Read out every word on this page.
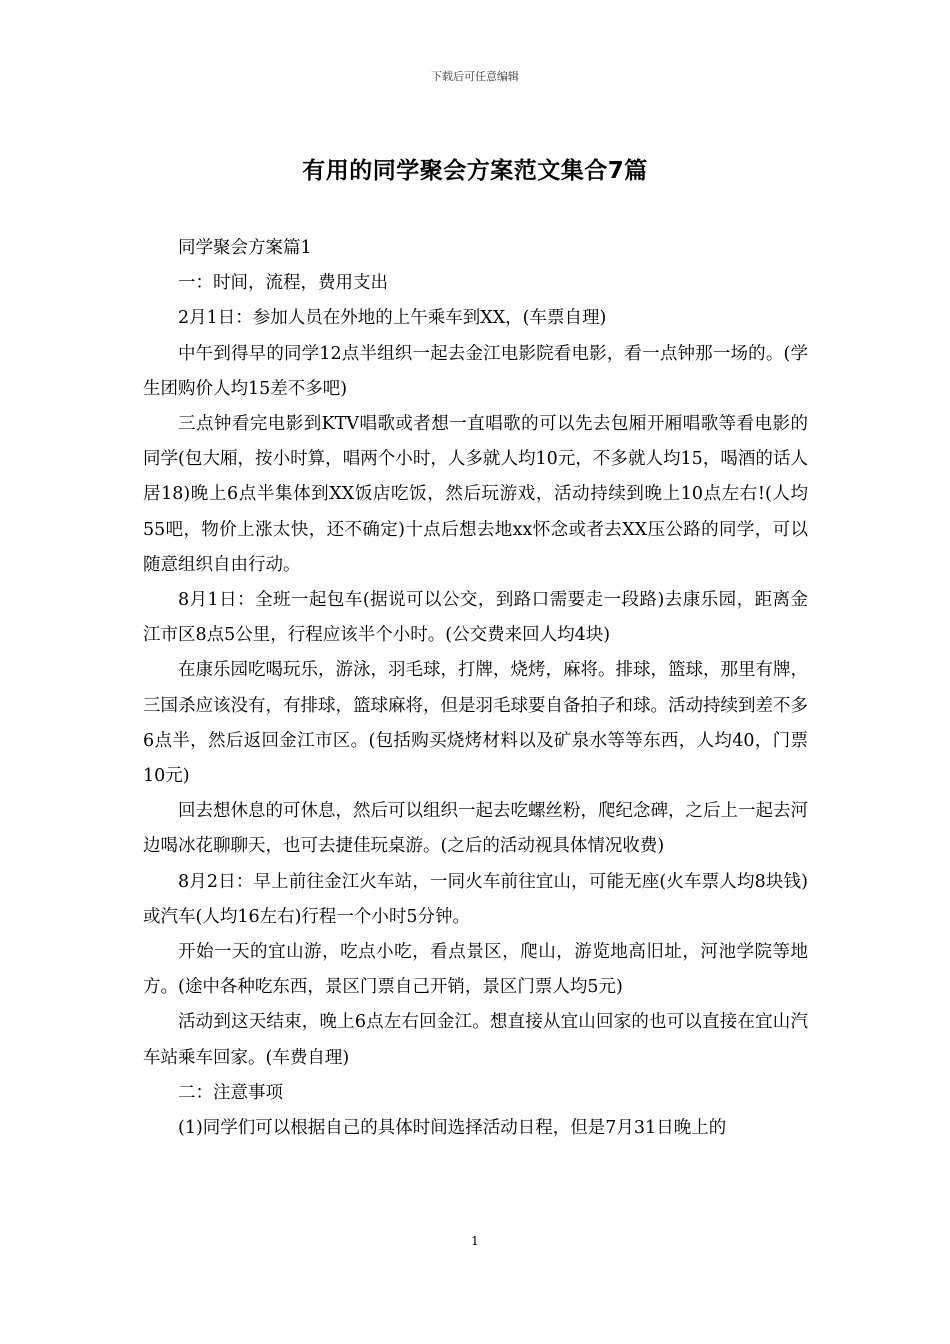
下载后可任意编辑
有用的同学聚会方案范文集合7篇

同学聚会方案篇1

一：时间，流程，费用支出

2月1日：参加人员在外地的上午乘车到XX，(车票自理)

中午到得早的同学12点半组织一起去金江电影院看电影，看一点钟那一场的。(学生团购价人均15差不多吧)

三点钟看完电影到KTV唱歌或者想一直唱歌的可以先去包厢开厢唱歌等看电影的同学(包大厢，按小时算，唱两个小时，人多就人均10元，不多就人均15，喝酒的话人居18)晚上6点半集体到XX饭店吃饭，然后玩游戏，活动持续到晚上10点左右!(人均55吧，物价上涨太快，还不确定)十点后想去地xx怀念或者去XX压公路的同学，可以随意组织自由行动。

8月1日：全班一起包车(据说可以公交，到路口需要走一段路)去康乐园，距离金江市区8点5公里，行程应该半个小时。(公交费来回人均4块)

在康乐园吃喝玩乐，游泳，羽毛球，打牌，烧烤，麻将。排球，篮球，那里有牌，三国杀应该没有，有排球，篮球麻将，但是羽毛球要自备拍子和球。活动持续到差不多6点半，然后返回金江市区。(包括购买烧烤材料以及矿泉水等等东西，人均40，门票10元)

回去想休息的可休息，然后可以组织一起去吃螺丝粉，爬纪念碑，之后上一起去河边喝冰花聊聊天，也可去捷佳玩桌游。(之后的活动视具体情况收费)

8月2日：早上前往金江火车站，一同火车前往宜山，可能无座(火车票人均8块钱)或汽车(人均16左右)行程一个小时5分钟。

开始一天的宜山游，吃点小吃，看点景区，爬山，游览地高旧址，河池学院等地方。(途中各种吃东西，景区门票自己开销，景区门票人均5元)

活动到这天结束，晚上6点左右回金江。想直接从宜山回家的也可以直接在宜山汽车站乘车回家。(车费自理)

二：注意事项

(1)同学们可以根据自己的具体时间选择活动日程，但是7月31日晚上的

1
